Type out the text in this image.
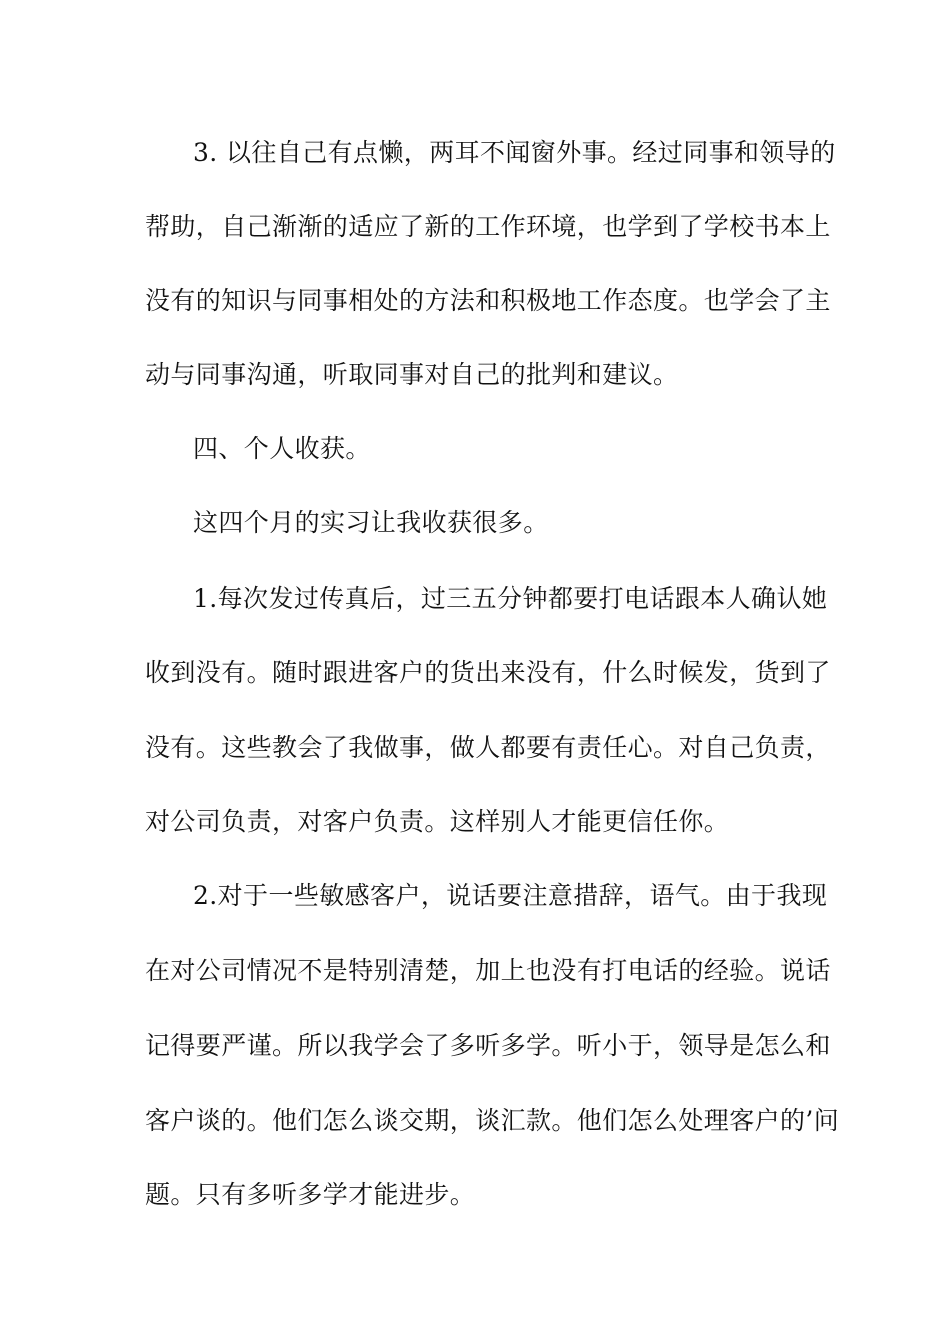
3. 以往自己有点懒，两耳不闻窗外事。经过同事和领导的
帮助，自己渐渐的适应了新的工作环境，也学到了学校书本上
没有的知识与同事相处的方法和积极地工作态度。也学会了主
动与同事沟通，听取同事对自己的批判和建议。
四、个人收获。
这四个月的实习让我收获很多。
1.每次发过传真后，过三五分钟都要打电话跟本人确认她
收到没有。随时跟进客户的货出来没有，什么时候发，货到了
没有。这些教会了我做事，做人都要有责任心。对自己负责，
对公司负责，对客户负责。这样别人才能更信任你。
2.对于一些敏感客户，说话要注意措辞，语气。由于我现
在对公司情况不是特别清楚，加上也没有打电话的经验。说话
记得要严谨。所以我学会了多听多学。听小于，领导是怎么和
客户谈的。他们怎么谈交期，谈汇款。他们怎么处理客户的’问
题。只有多听多学才能进步。
